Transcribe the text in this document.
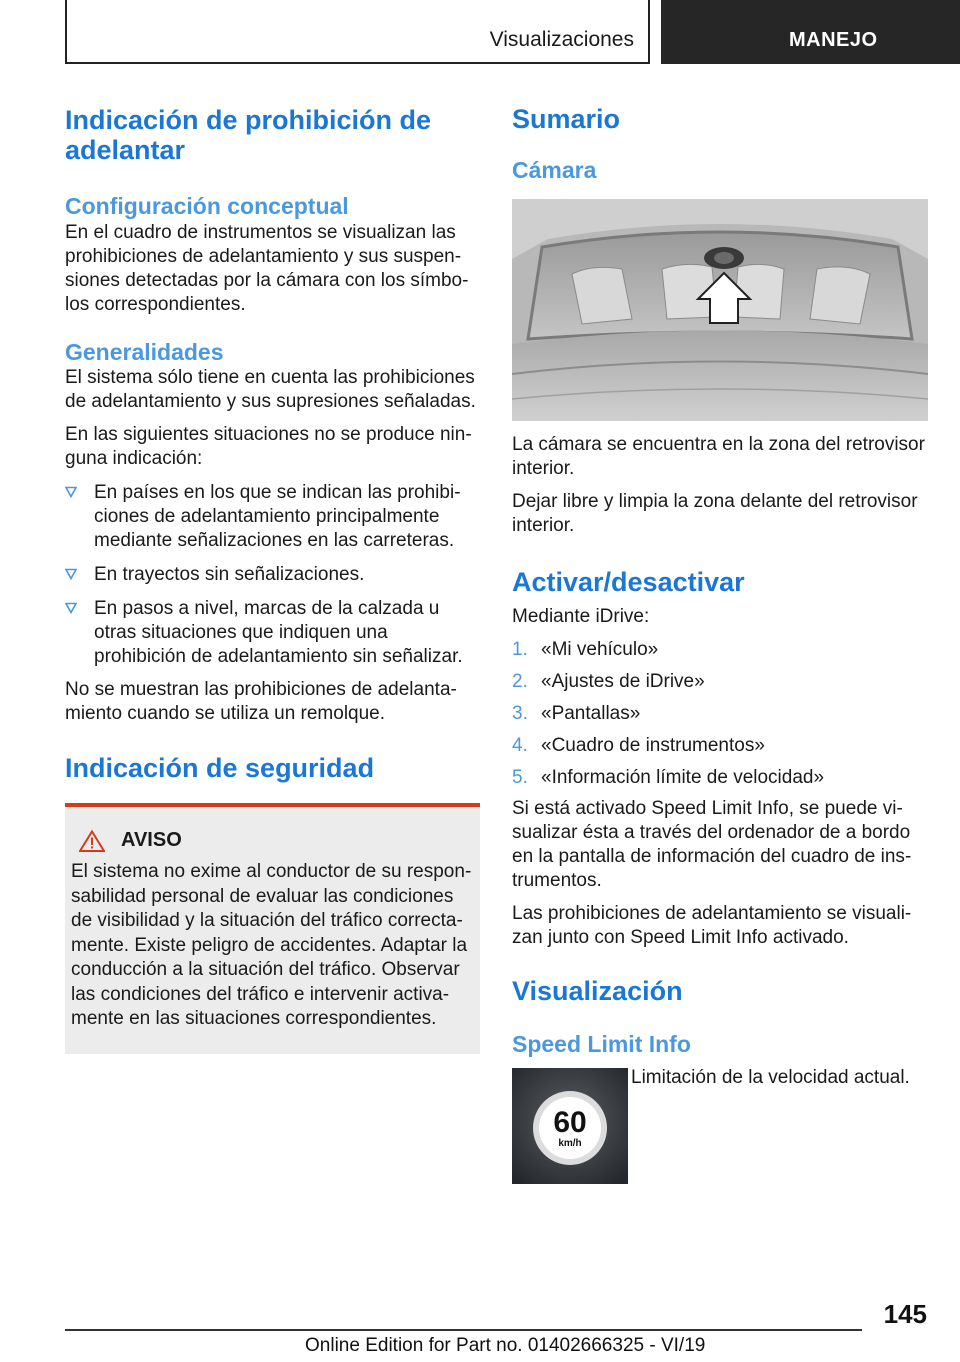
Visualizaciones	MANEJO
Indicación de prohibición de adelantar
Configuración conceptual

En el cuadro de instrumentos se visualizan las prohibiciones de adelantamiento y sus suspensiones detectadas por la cámara con los símbolos correspondientes.

Generalidades

El sistema sólo tiene en cuenta las prohibiciones de adelantamiento y sus supresiones señaladas.

En las siguientes situaciones no se produce ninguna indicación:

En países en los que se indican las prohibiciones de adelantamiento principalmente mediante señalizaciones en las carreteras.
En trayectos sin señalizaciones.
En pasos a nivel, marcas de la calzada u otras situaciones que indiquen una prohibición de adelantamiento sin señalizar.

No se muestran las prohibiciones de adelantamiento cuando se utiliza un remolque.

Indicación de seguridad
AVISO

El sistema no exime al conductor de su responsabilidad personal de evaluar las condiciones de visibilidad y la situación del tráfico correctamente. Existe peligro de accidentes. Adaptar la conducción a la situación del tráfico. Observar las condiciones del tráfico e intervenir activamente en las situaciones correspondientes.

Sumario
Cámara

La cámara se encuentra en la zona del retrovisor interior.

Dejar libre y limpia la zona delante del retrovisor interior.

Activar/desactivar

Mediante iDrive:

1. «Mi vehículo»
2. «Ajustes de iDrive»
3. «Pantallas»
4. «Cuadro de instrumentos»
5. «Información límite de velocidad»

Si está activado Speed Limit Info, se puede visualizar ésta a través del ordenador de a bordo en la pantalla de información del cuadro de instrumentos.

Las prohibiciones de adelantamiento se visualizan junto con Speed Limit Info activado.

Visualización
Speed Limit Info
60
km/h

Limitación de la velocidad actual.

145
Online Edition for Part no. 01402666325 - VI/19
